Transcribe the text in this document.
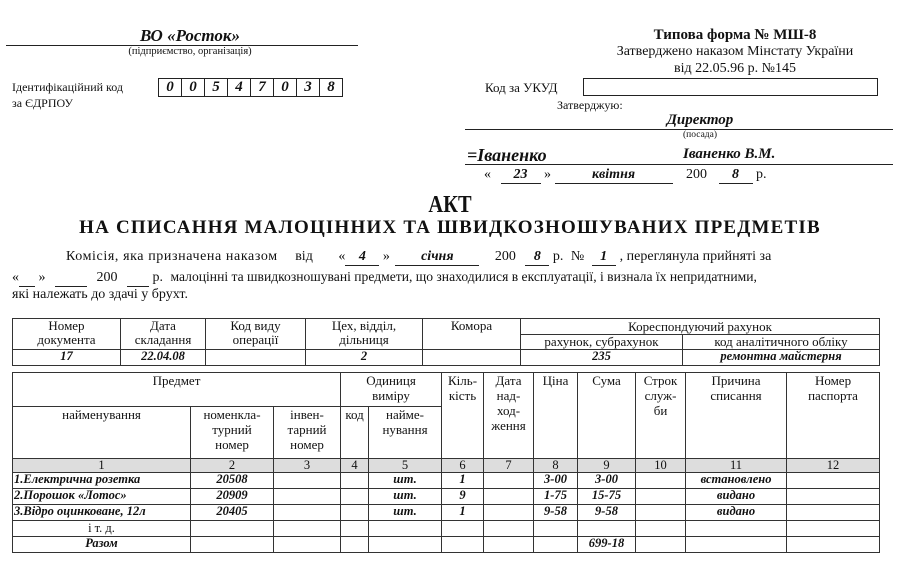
ВО «Росток»
(підприємство, організація)
Ідентифікаційний код
за ЄДРПОУ
0	0	5	4	7	0	3	8
Типова форма № МШ-8
Затверджено наказом Мінстату України
від 22.05.96 р. №145
Код за УКУД
Затверджую:
Директор
(посада)
=Іваненко	Іваненко В.М.
« 23 »	квітня	200 8 р.
АКТ
НА СПИСАННЯ МАЛОЦІННИХ ТА ШВИДКОЗНОШУВАНИХ ПРЕДМЕТІВ
Комісія, яка призначена наказом від « 4 » січня	200 8 р. № 1 , переглянула прийняті за
« »	200	р. малоцінні та швидкозношувані предмети, що знаходилися в експлуатації, і визнала їх непридатними,
які належать до здачі у брухт.
Номер документа	Дата складання	Код виду операції	Цех, відділ, дільниця	Комора	Кореспондуючий рахунок	
					рахунок, субрахунок	код аналітичного обліку
17	22.04.08		2		235	ремонтна майстерня
Предмет			Одиниця виміру		Кіль-кість	Дата над-ход-ження	Ціна	Сума	Строк служ-би	Причина списання	Номер паспорта
найменування	номенкла-турний номер	інвен-тарний номер	код	найме-нування							
1	2	3	4	5	6	7	8	9	10	11	12
1.Електрична розетка	20508			шт.	1		3-00	3-00		встановлено	
2.Порошок «Лотос»	20909			шт.	9		1-75	15-75		видано	
3.Відро оцинковане, 12л	20405			шт.	1		9-58	9-58		видано	
і т. д.											
Разом								699-18			
